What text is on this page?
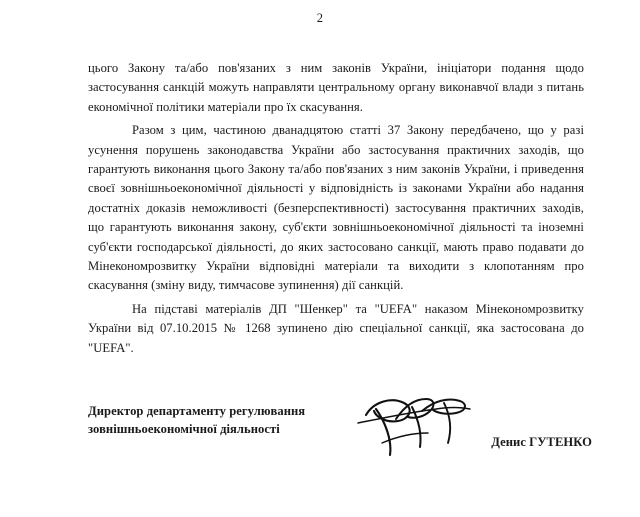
2

цього Закону та/або пов'язаних з ним законів України, ініціатори подання щодо застосування санкцій можуть направляти центральному органу виконавчої влади з питань економічної політики матеріали про їх скасування.

Разом з цим, частиною дванадцятою статті 37 Закону передбачено, що у разі усунення порушень законодавства України або застосування практичних заходів, що гарантують виконання цього Закону та/або пов'язаних з ним законів України, і приведення своєї зовнішньоекономічної діяльності у відповідність із законами України або надання достатніх доказів неможливості (безперспективності) застосування практичних заходів, що гарантують виконання закону, суб'єкти зовнішньоекономічної діяльності та іноземні суб'єкти господарської діяльності, до яких застосовано санкції, мають право подавати до Мінекономрозвитку України відповідні матеріали та виходити з клопотанням про скасування (зміну виду, тимчасове зупинення) дії санкцій.

На підставі матеріалів ДП "Шенкер" та "UEFA" наказом Мінекономрозвитку України від 07.10.2015 № 1268 зупинено дію спеціальної санкції, яка застосована до "UEFA".

Директор департаменту регулювання
зовнішньоекономічної діяльності
Денис ГУТЕНКО
